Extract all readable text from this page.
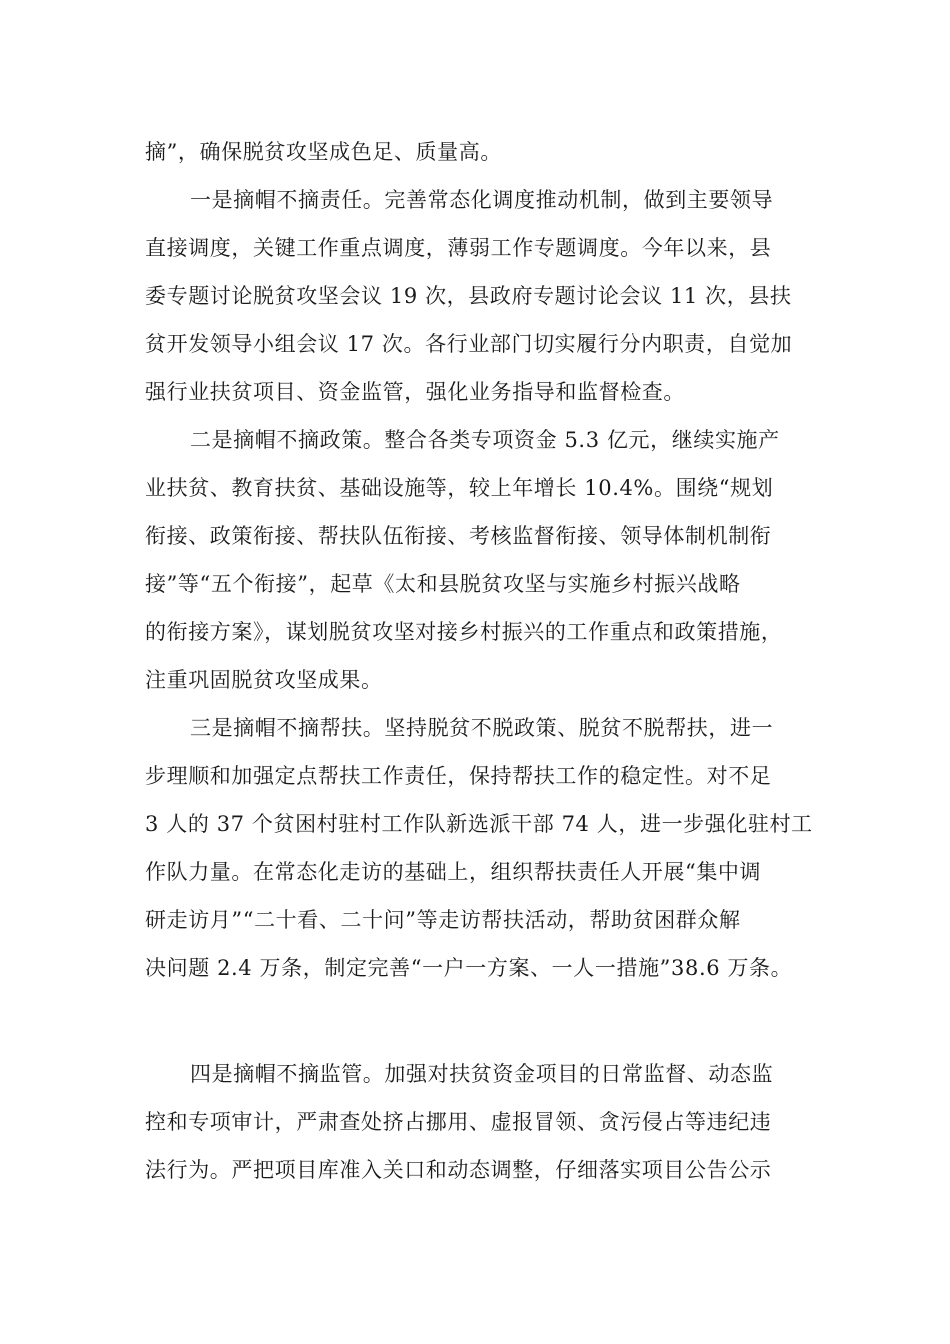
摘”，确保脱贫攻坚成色足、质量高。
一是摘帽不摘责任。完善常态化调度推动机制，做到主要领导
直接调度，关键工作重点调度，薄弱工作专题调度。今年以来，县
委专题讨论脱贫攻坚会议 19 次，县政府专题讨论会议 11 次，县扶
贫开发领导小组会议 17 次。各行业部门切实履行分内职责，自觉加
强行业扶贫项目、资金监管，强化业务指导和监督检查。
二是摘帽不摘政策。整合各类专项资金 5.3 亿元，继续实施产
业扶贫、教育扶贫、基础设施等，较上年增长 10.4%。围绕“规划
衔接、政策衔接、帮扶队伍衔接、考核监督衔接、领导体制机制衔
接”等“五个衔接”，起草《太和县脱贫攻坚与实施乡村振兴战略
的衔接方案》，谋划脱贫攻坚对接乡村振兴的工作重点和政策措施，
注重巩固脱贫攻坚成果。
三是摘帽不摘帮扶。坚持脱贫不脱政策、脱贫不脱帮扶，进一
步理顺和加强定点帮扶工作责任，保持帮扶工作的稳定性。对不足
3 人的 37 个贫困村驻村工作队新选派干部 74 人，进一步强化驻村工
作队力量。在常态化走访的基础上，组织帮扶责任人开展“集中调
研走访月”“二十看、二十问”等走访帮扶活动，帮助贫困群众解
决问题 2.4 万条，制定完善“一户一方案、一人一措施”38.6 万条。
四是摘帽不摘监管。加强对扶贫资金项目的日常监督、动态监
控和专项审计，严肃查处挤占挪用、虚报冒领、贪污侵占等违纪违
法行为。严把项目库准入关口和动态调整，仔细落实项目公告公示
